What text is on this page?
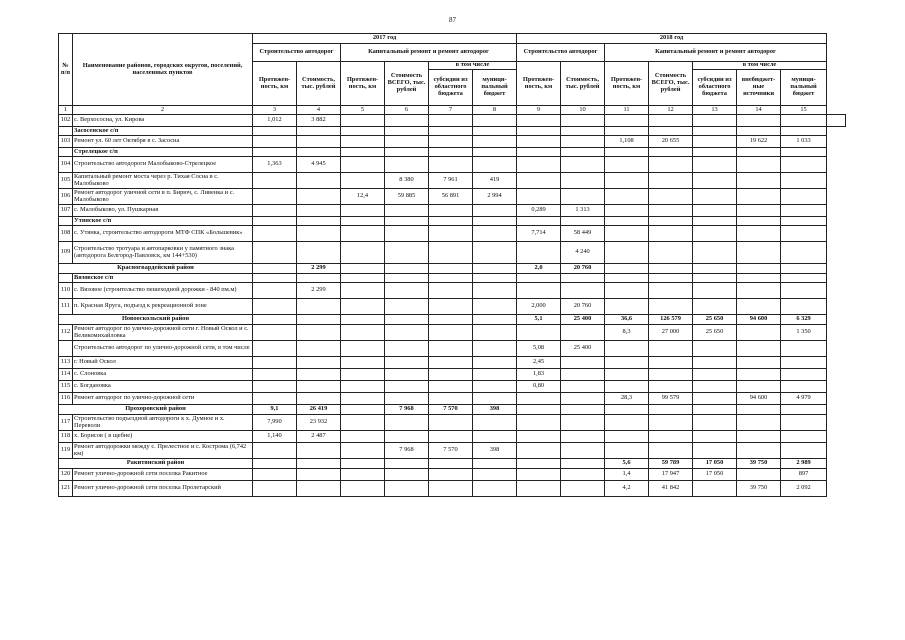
87
№ п/п	Наименование районов, городских округов, поселений, населенных пунктов	2017 год						2018 год							
		Строительство автодорог		Капитальный ремонт и ремонт автодорог				Строительство автодорог		Капитальный ремонт и ремонт автодорог					
		Протяжен- ность, км	Стоимость, тыс. рублей	Протяжен- ность, км	Стоимость ВСЕГО, тыс. рублей	в том числе		Протяжен- ность, км	Стоимость, тыс. рублей	Протяжен- ность, км	Стоимость ВСЕГО, тыс. рублей	в том числе			
						субсидии из областного бюджета	муници- пальный бюджет					субсидии из областного бюджета	внебюджет- ные источники	муници- пальный бюджет	
1	2	3	4	5	6	7	8	9	10	11	12	13	14	15	
102	с. Верхососна, ул. Кирова	1,012	3 882												
	Засосенское с/п														
103	Ремонт ул. 60 лет Октября в с. Засосна									1,108	20 655		19 622	1 033	
	Стрелецкое с/п														
104	Строительство автодороги Малобыково-Стрелецкое	1,363	4 945												
105	Капитальный ремонт моста через р. Тихая Сосна в с. Малобыково				8 380	7 961	419								
106	Ремонт автодорог уличной сети в п. Бирюч, с. Ливенка и с. Малобыково			12,4	59 885	56 891	2 994								
107	с. Малобыково, ул. Пушкарная							0,289	1 313						
	Утянское с/п														
108	с. Утянка, строительство автодороги МТФ СПК «Большевик»							7,714	58 449						
109	Строительство тротуара и автопарковки у памятного знака (автодорога Белгород-Павловск, км 144+530)								4 240						
Красногвардейский район			2 299					2,0	20 760						
	Вязовское с/п														
110	с. Вязовое (строительство пешеходной дорожки - 840 пм.м)		2 299												
111	п. Красная Яруга, подъезд к рекреационной зоне							2,000	20 760						
Новооскольский район								5,1	25 400	36,6	126 579	25 650	94 600	6 329	
112	Ремонт автодорог по улично-дорожной сети г. Новый Оскол и с. Великомихайловка									8,3	27 000	25 650		1 350	
	Строительство автодорог по улично-дорожной сети, в том числе							5,08	25 400						
113	г. Новый Оскол							2,45							
114	с. Слоновка							1,83							
115	с. Богдановка							0,80							
116	Ремонт автодорог по улично-дорожной сети									28,3	99 579		94 600	4 979	
Прохоровский район		9,1	26 419		7 968	7 570	398								
117	Строительство подъездной автодороги к х. Думное и х. Переволи	7,990	23 932												
118	х. Борисов ( в щебне)	1,140	2 487												
119	Ремонт автодорожки между с. Прелестное и с. Кострома (6,742 км)				7 968	7 570	398								
Ракитянский район										5,6	59 789	17 050	39 750	2 989	
120	Ремонт улично-дорожной сети поселка Ракитное									1,4	17 947	17 050		897	
121	Ремонт улично-дорожной сети поселка Пролетарский									4,2	41 842		39 750	2 092	
